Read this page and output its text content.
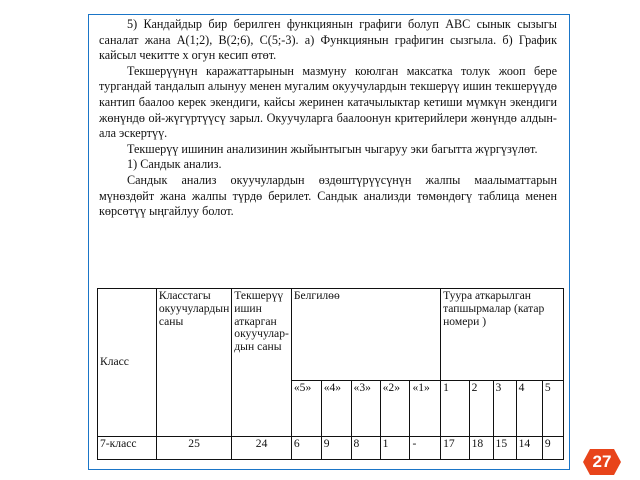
5) Кандайдыр бир берилген функциянын графиги болуп ABC сынык сызыгы саналат жана A(1;2), B(2;6), C(5;-3). а) Функциянын графигин сызгыла. б) График кайсыл чекитте x огун кесип өтөт.

Текшерүүнүн каражаттарынын мазмуну коюлган максатка толук жооп бере тургандай тандалып алынуу менен мугалим окуучулардын текшерүү ишин текшерүүдө кантип баалоо керек экендиги, кайсы жеринен катачылыктар кетиши мүмкүн экендиги жөнүндө ой-жүгүртүүсү зарыл. Окуучуларга баалоонун критерийлери жөнүндө алдын-ала эскертүү.

Текшерүү ишинин анализинин жыйынтыгын чыгаруу эки багытта жүргүзүлөт.

1) Сандык анализ.

Сандык анализ окуучулардын өздөштүрүүсүнүн жалпы маалыматтарын мүнөздөйт жана жалпы түрдө берилет. Сандык анализди төмөндөгү таблица менен көрсөтүү ыңгайлуу болот.

Класс	Класстагы окуучулардын саны	Текшерүү ишин аткарган окуучулар-дын саны	Белгилөө					Туура аткарылган тапшырмалар (катар номери )				
			«5»	«4»	«3»	«2»	«1»	1	2	3	4	5
7-класс	25	24	6	9	8	1	-	17	18	15	14	9
27
